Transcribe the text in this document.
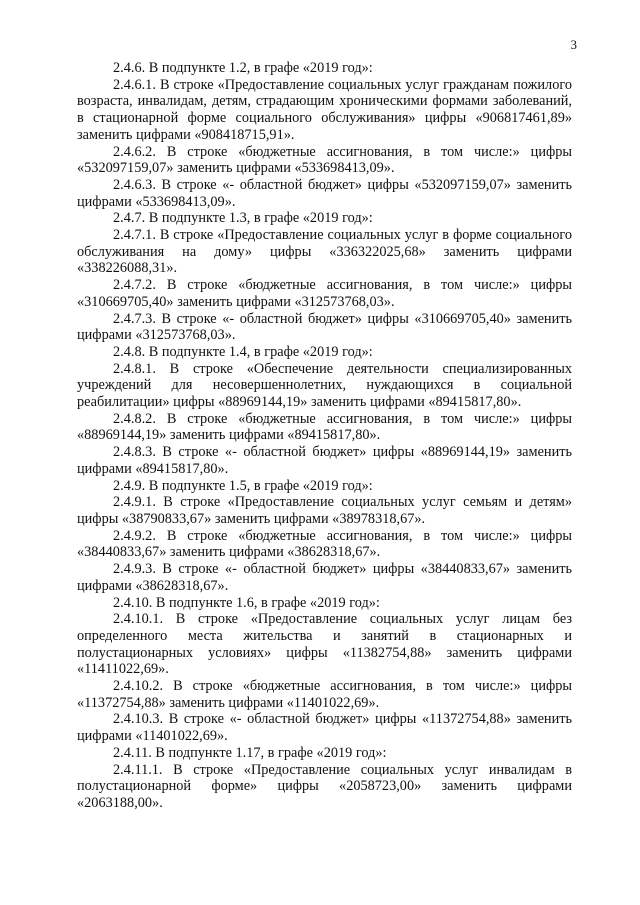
3

2.4.6. В подпункте 1.2, в графе «2019 год»:

2.4.6.1. В строке «Предоставление социальных услуг гражданам пожилого возраста, инвалидам, детям, страдающим хроническими формами заболеваний, в стационарной форме социального обслуживания» цифры «906817461,89» заменить цифрами «908418715,91».

2.4.6.2. В строке «бюджетные ассигнования, в том числе:» цифры «532097159,07» заменить цифрами «533698413,09».

2.4.6.3. В строке «- областной бюджет» цифры «532097159,07» заменить цифрами «533698413,09».

2.4.7. В подпункте 1.3, в графе «2019 год»:

2.4.7.1. В строке «Предоставление социальных услуг в форме социального обслуживания на дому» цифры «336322025,68» заменить цифрами «338226088,31».

2.4.7.2. В строке «бюджетные ассигнования, в том числе:» цифры «310669705,40» заменить цифрами «312573768,03».

2.4.7.3. В строке «- областной бюджет» цифры «310669705,40» заменить цифрами «312573768,03».

2.4.8. В подпункте 1.4, в графе «2019 год»:

2.4.8.1. В строке «Обеспечение деятельности специализированных учреждений для несовершеннолетних, нуждающихся в социальной реабилитации» цифры «88969144,19» заменить цифрами «89415817,80».

2.4.8.2. В строке «бюджетные ассигнования, в том числе:» цифры «88969144,19» заменить цифрами «89415817,80».

2.4.8.3. В строке «- областной бюджет» цифры «88969144,19» заменить цифрами «89415817,80».

2.4.9. В подпункте 1.5, в графе «2019 год»:

2.4.9.1. В строке «Предоставление социальных услуг семьям и детям» цифры «38790833,67» заменить цифрами «38978318,67».

2.4.9.2. В строке «бюджетные ассигнования, в том числе:» цифры «38440833,67» заменить цифрами «38628318,67».

2.4.9.3. В строке «- областной бюджет» цифры «38440833,67» заменить цифрами «38628318,67».

2.4.10. В подпункте 1.6, в графе «2019 год»:

2.4.10.1. В строке «Предоставление социальных услуг лицам без определенного места жительства и занятий в стационарных и полустационарных условиях» цифры «11382754,88» заменить цифрами «11411022,69».

2.4.10.2. В строке «бюджетные ассигнования, в том числе:» цифры «11372754,88» заменить цифрами «11401022,69».

2.4.10.3. В строке «- областной бюджет» цифры «11372754,88» заменить цифрами «11401022,69».

2.4.11. В подпункте 1.17, в графе «2019 год»:

2.4.11.1. В строке «Предоставление социальных услуг инвалидам в полустационарной форме» цифры «2058723,00» заменить цифрами «2063188,00».
